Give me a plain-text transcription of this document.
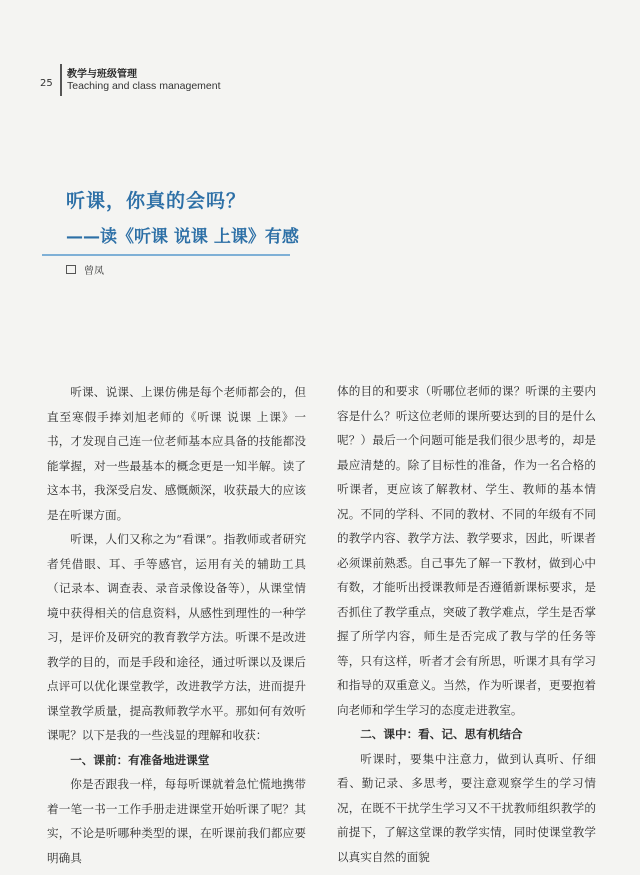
25
教学与班级管理
Teaching and class management
听课，你真的会吗？
——读《听课 说课 上课》有感
曾凤

听课、说课、上课仿佛是每个老师都会的，但直至寒假手捧刘旭老师的《听课 说课 上课》一书，才发现自己连一位老师基本应具备的技能都没能掌握，对一些最基本的概念更是一知半解。读了这本书，我深受启发、感慨颇深，收获最大的应该是在听课方面。

听课，人们又称之为“看课”。指教师或者研究者凭借眼、耳、手等感官，运用有关的辅助工具（记录本、调查表、录音录像设备等），从课堂情境中获得相关的信息资料，从感性到理性的一种学习，是评价及研究的教育教学方法。听课不是改进教学的目的，而是手段和途径，通过听课以及课后点评可以优化课堂教学，改进教学方法，进而提升课堂教学质量，提高教师教学水平。那如何有效听课呢？以下是我的一些浅显的理解和收获：

一、课前：有准备地进课堂

你是否跟我一样，每每听课就着急忙慌地携带着一笔一书一工作手册走进课堂开始听课了呢？其实，不论是听哪种类型的课，在听课前我们都应要明确具

体的目的和要求（听哪位老师的课？听课的主要内容是什么？听这位老师的课所要达到的目的是什么呢？）最后一个问题可能是我们很少思考的，却是最应清楚的。除了目标性的准备，作为一名合格的听课者，更应该了解教材、学生、教师的基本情况。不同的学科、不同的教材、不同的年级有不同的教学内容、教学方法、教学要求，因此，听课者必须课前熟悉。自己事先了解一下教材，做到心中有数，才能听出授课教师是否遵循新课标要求，是否抓住了教学重点，突破了教学难点，学生是否掌握了所学内容，师生是否完成了教与学的任务等等，只有这样，听者才会有所思，听课才具有学习和指导的双重意义。当然，作为听课者，更要抱着向老师和学生学习的态度走进教室。

二、课中：看、记、思有机结合

听课时，要集中注意力，做到认真听、仔细看、勤记录、多思考，要注意观察学生的学习情况，在既不干扰学生学习又不干扰教师组织教学的前提下，了解这堂课的教学实情，同时使课堂教学以真实自然的面貌
